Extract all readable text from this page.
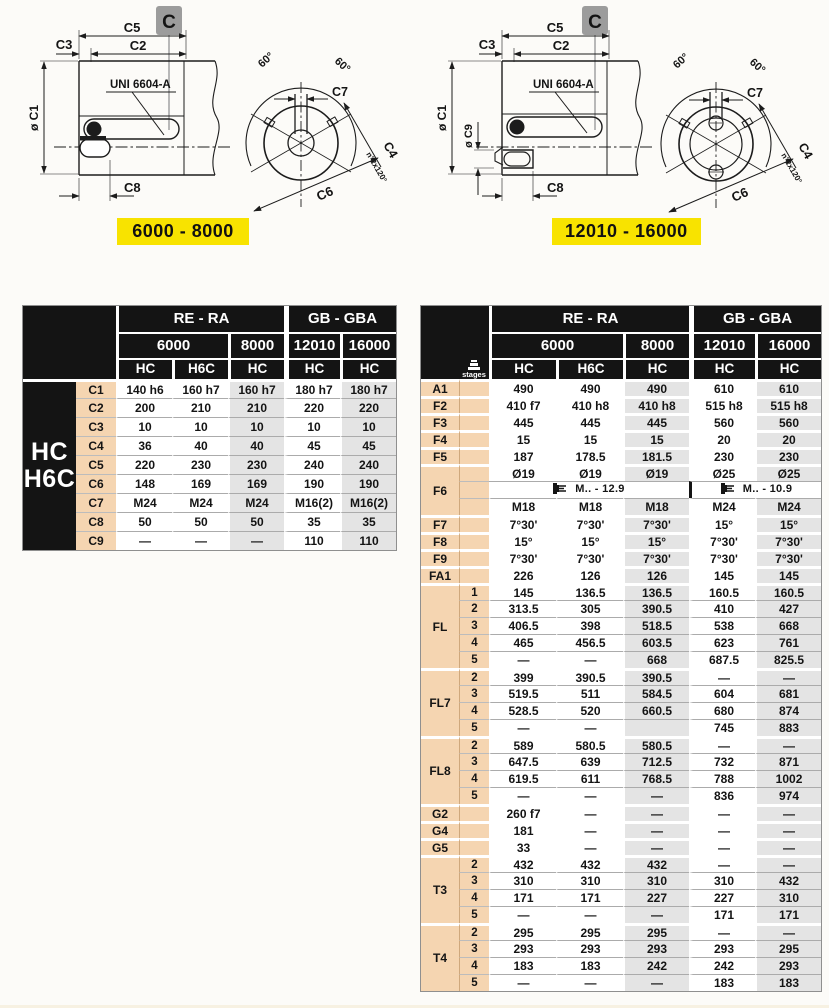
C
C5
C2
C3
ø C1
C8
UNI 6604-A
60°	60°
C7
C4
n°2x120°
C6
C
C5
C2
C3
ø C1
ø C9
C8
UNI 6604-A
60°	60°
C7
C4
n°2x120°
C6
6000 - 8000	12010 - 16000
		RE - RA			GB - GBA	
		6000		8000	12010	16000
		HC	H6C	HC	HC	HC
HC
H6C	C1	140 h6	160 h7	160 h7	180 h7	180 h7
	C2	200	210	210	220	220
	C3	10	10	10	10	10
	C4	36	40	40	45	45
	C5	220	230	230	240	240
	C6	148	169	169	190	190
	C7	M24	M24	M24	M16(2)	M16(2)
	C8	50	50	50	35	35
	C9	—	—	—	110	110
stages		RE - RA			GB - GBA	
		6000		8000	12010	16000
		HC	H6C	HC	HC	HC
A1		490	490	490	610	610
F2		410 f7	410 h8	410 h8	515 h8	515 h8
F3		445	445	445	560	560
F4		15	15	15	20	20
F5		187	178.5	181.5	230	230
F6		Ø19	Ø19	Ø19	Ø25	Ø25
		M.. - 12.9			M.. - 10.9	
		M18	M18	M18	M24	M24
F7		7°30'	7°30'	7°30'	15°	15°
F8		15°	15°	15°	7°30'	7°30'
F9		7°30'	7°30'	7°30'	7°30'	7°30'
FA1		226	126	126	145	145
FL	1	145	136.5	136.5	160.5	160.5
	2	313.5	305	390.5	410	427
	3	406.5	398	518.5	538	668
	4	465	456.5	603.5	623	761
	5	—	—	668	687.5	825.5
FL7	2	399	390.5	390.5	—	—
	3	519.5	511	584.5	604	681
	4	528.5	520	660.5	680	874
	5	—	—		745	883
FL8	2	589	580.5	580.5	—	—
	3	647.5	639	712.5	732	871
	4	619.5	611	768.5	788	1002
	5	—	—	—	836	974
G2		260 f7	—	—	—	—
G4		181	—	—	—	—
G5		33	—	—	—	—
T3	2	432	432	432	—	—
	3	310	310	310	310	432
	4	171	171	227	227	310
	5	—	—	—	171	171
T4	2	295	295	295	—	—
	3	293	293	293	293	295
	4	183	183	242	242	293
	5	—	—	—	183	183
